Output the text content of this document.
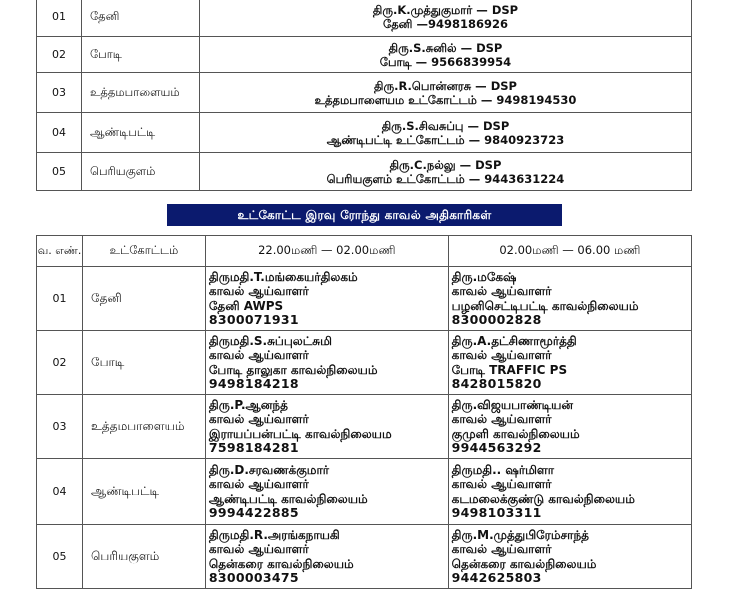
01	தேனி	திரு.K.முத்துகுமார் — DSP
தேனி —9498186926

02	போடி	திரு.S.சுனில் — DSP
போடி — 9566839954

03	உத்தமபாளையம்	திரு.R.பொன்னரசு — DSP
உத்தமபாளையம உட்கோட்டம் — 9498194530

04	ஆண்டிபட்டி	திரு.S.சிவசுப்பு — DSP
ஆண்டிபட்டி உட்கோட்டம் — 9840923723

05	பெரியகுளம்	திரு.C.நல்லு — DSP
பெரியகுளம் உட்கோட்டம் — 9443631224
உட்கோட்ட இரவு ரோந்து காவல் அதிகாரிகள்
வ. எண்.	உட்கோட்டம்	22.00மணி — 02.00மணி	02.00மணி — 06.00 மணி
01	தேனி	திருமதி.T.மங்கையர்திலகம்
காவல் ஆய்வாளர்
தேனி AWPS
8300071931	திரு.மகேஷ்
காவல் ஆய்வாளர்
பழனிசெட்டிபட்டி காவல்நிலையம்
8300002828

02	போடி	திருமதி.S.சுப்புலட்சுமி
காவல் ஆய்வாளர்
போடி தாலுகா காவல்நிலையம்
9498184218	திரு.A.தட்சிணாமூர்த்தி
காவல் ஆய்வாளர்
போடி TRAFFIC PS
8428015820

03	உத்தமபாளையம்	திரு.P.ஆனந்த்
காவல் ஆய்வாளர்
இராயப்பன்பட்டி காவல்நிலையம
7598184281	திரு.விஜயபாண்டியன்
காவல் ஆய்வாளர்
குமுளி காவல்நிலையம்
9944563292

04	ஆண்டிபட்டி	திரு.D.சரவணக்குமார்
காவல் ஆய்வாளர்
ஆண்டிபட்டி காவல்நிலையம்
9994422885	திருமதி.. ஷர்மிளா
காவல் ஆய்வாளர்
கடமலைக்குண்டு காவல்நிலையம்
9498103311

05	பெரியகுளம்	திருமதி.R.அரங்கநாயகி
காவல் ஆய்வாளர்
தென்கரை காவல்நிலையம்
8300003475	திரு.M.முத்துபிரேம்சாந்த்
காவல் ஆய்வாளர்
தென்கரை காவல்நிலையம்
9442625803
